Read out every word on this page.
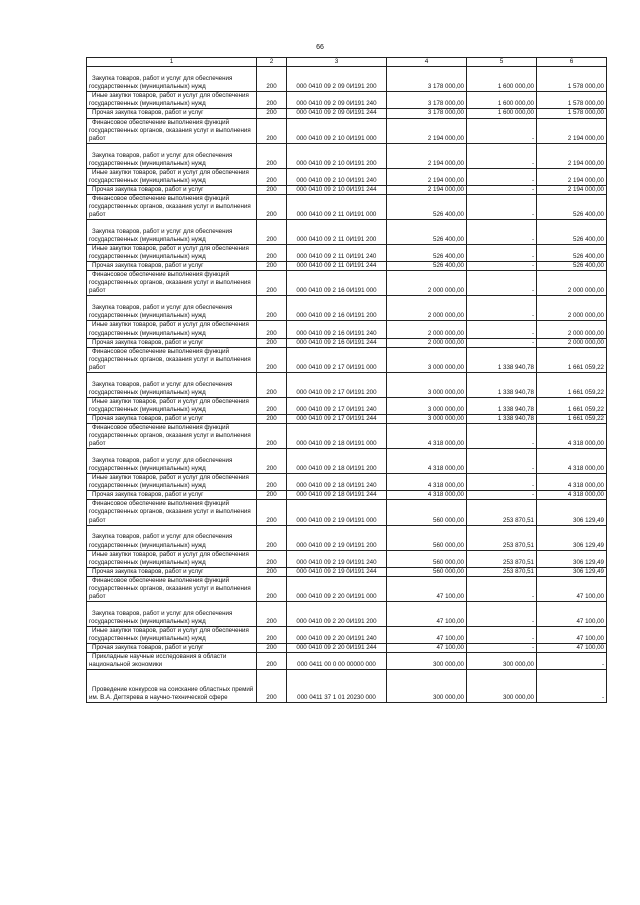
66
1	2	3	4	5	6
Закупка товаров, работ и услуг для обеспечения государственных (муниципальных) нужд	200	000 0410 09 2 09 0И191 200	3 178 000,00	1 600 000,00	1 578 000,00
Иные закупки товаров, работ и услуг для обеспечения государственных (муниципальных) нужд	200	000 0410 09 2 09 0И191 240	3 178 000,00	1 600 000,00	1 578 000,00
Прочая закупка товаров, работ и услуг	200	000 0410 09 2 09 0И191 244	3 178 000,00	1 600 000,00	1 578 000,00
Финансовое обеспечение выполнения функций государственных органов, оказания услуг и выполнения работ	200	000 0410 09 2 10 0И191 000	2 194 000,00	-	2 194 000,00
Закупка товаров, работ и услуг для обеспечения государственных (муниципальных) нужд	200	000 0410 09 2 10 0И191 200	2 194 000,00	-	2 194 000,00
Иные закупки товаров, работ и услуг для обеспечения государственных (муниципальных) нужд	200	000 0410 09 2 10 0И191 240	2 194 000,00	-	2 194 000,00
Прочая закупка товаров, работ и услуг	200	000 0410 09 2 10 0И191 244	2 194 000,00	-	2 194 000,00
Финансовое обеспечение выполнения функций государственных органов, оказания услуг и выполнения работ	200	000 0410 09 2 11 0И191 000	526 400,00	-	526 400,00
Закупка товаров, работ и услуг для обеспечения государственных (муниципальных) нужд	200	000 0410 09 2 11 0И191 200	526 400,00	-	526 400,00
Иные закупки товаров, работ и услуг для обеспечения государственных (муниципальных) нужд	200	000 0410 09 2 11 0И191 240	526 400,00	-	526 400,00
Прочая закупка товаров, работ и услуг	200	000 0410 09 2 11 0И191 244	526 400,00	-	526 400,00
Финансовое обеспечение выполнения функций государственных органов, оказания услуг и выполнения работ	200	000 0410 09 2 16 0И191 000	2 000 000,00	-	2 000 000,00
Закупка товаров, работ и услуг для обеспечения государственных (муниципальных) нужд	200	000 0410 09 2 16 0И191 200	2 000 000,00	-	2 000 000,00
Иные закупки товаров, работ и услуг для обеспечения государственных (муниципальных) нужд	200	000 0410 09 2 16 0И191 240	2 000 000,00	-	2 000 000,00
Прочая закупка товаров, работ и услуг	200	000 0410 09 2 16 0И191 244	2 000 000,00	-	2 000 000,00
Финансовое обеспечение выполнения функций государственных органов, оказания услуг и выполнения работ	200	000 0410 09 2 17 0И191 000	3 000 000,00	1 338 940,78	1 661 059,22
Закупка товаров, работ и услуг для обеспечения государственных (муниципальных) нужд	200	000 0410 09 2 17 0И191 200	3 000 000,00	1 338 940,78	1 661 059,22
Иные закупки товаров, работ и услуг для обеспечения государственных (муниципальных) нужд	200	000 0410 09 2 17 0И191 240	3 000 000,00	1 338 940,78	1 661 059,22
Прочая закупка товаров, работ и услуг	200	000 0410 09 2 17 0И191 244	3 000 000,00	1 338 940,78	1 661 059,22
Финансовое обеспечение выполнения функций государственных органов, оказания услуг и выполнения работ	200	000 0410 09 2 18 0И191 000	4 318 000,00	-	4 318 000,00
Закупка товаров, работ и услуг для обеспечения государственных (муниципальных) нужд	200	000 0410 09 2 18 0И191 200	4 318 000,00	-	4 318 000,00
Иные закупки товаров, работ и услуг для обеспечения государственных (муниципальных) нужд	200	000 0410 09 2 18 0И191 240	4 318 000,00	-	4 318 000,00
Прочая закупка товаров, работ и услуг	200	000 0410 09 2 18 0И191 244	4 318 000,00	-	4 318 000,00
Финансовое обеспечение выполнения функций государственных органов, оказания услуг и выполнения работ	200	000 0410 09 2 19 0И191 000	560 000,00	253 870,51	306 129,49
Закупка товаров, работ и услуг для обеспечения государственных (муниципальных) нужд	200	000 0410 09 2 19 0И191 200	560 000,00	253 870,51	306 129,49
Иные закупки товаров, работ и услуг для обеспечения государственных (муниципальных) нужд	200	000 0410 09 2 19 0И191 240	560 000,00	253 870,51	306 129,49
Прочая закупка товаров, работ и услуг	200	000 0410 09 2 19 0И191 244	560 000,00	253 870,51	306 129,49
Финансовое обеспечение выполнения функций государственных органов, оказания услуг и выполнения работ	200	000 0410 09 2 20 0И191 000	47 100,00	-	47 100,00
Закупка товаров, работ и услуг для обеспечения государственных (муниципальных) нужд	200	000 0410 09 2 20 0И191 200	47 100,00	-	47 100,00
Иные закупки товаров, работ и услуг для обеспечения государственных (муниципальных) нужд	200	000 0410 09 2 20 0И191 240	47 100,00	-	47 100,00
Прочая закупка товаров, работ и услуг	200	000 0410 09 2 20 0И191 244	47 100,00	-	47 100,00
Прикладные научные исследования в области национальной экономики	200	000 0411 00 0 00 00000 000	300 000,00	300 000,00	-
Проведение конкурсов на соискание областных премий им. В.А. Дегтярева в научно-технической сфере	200	000 0411 37 1 01 20230 000	300 000,00	300 000,00	-
